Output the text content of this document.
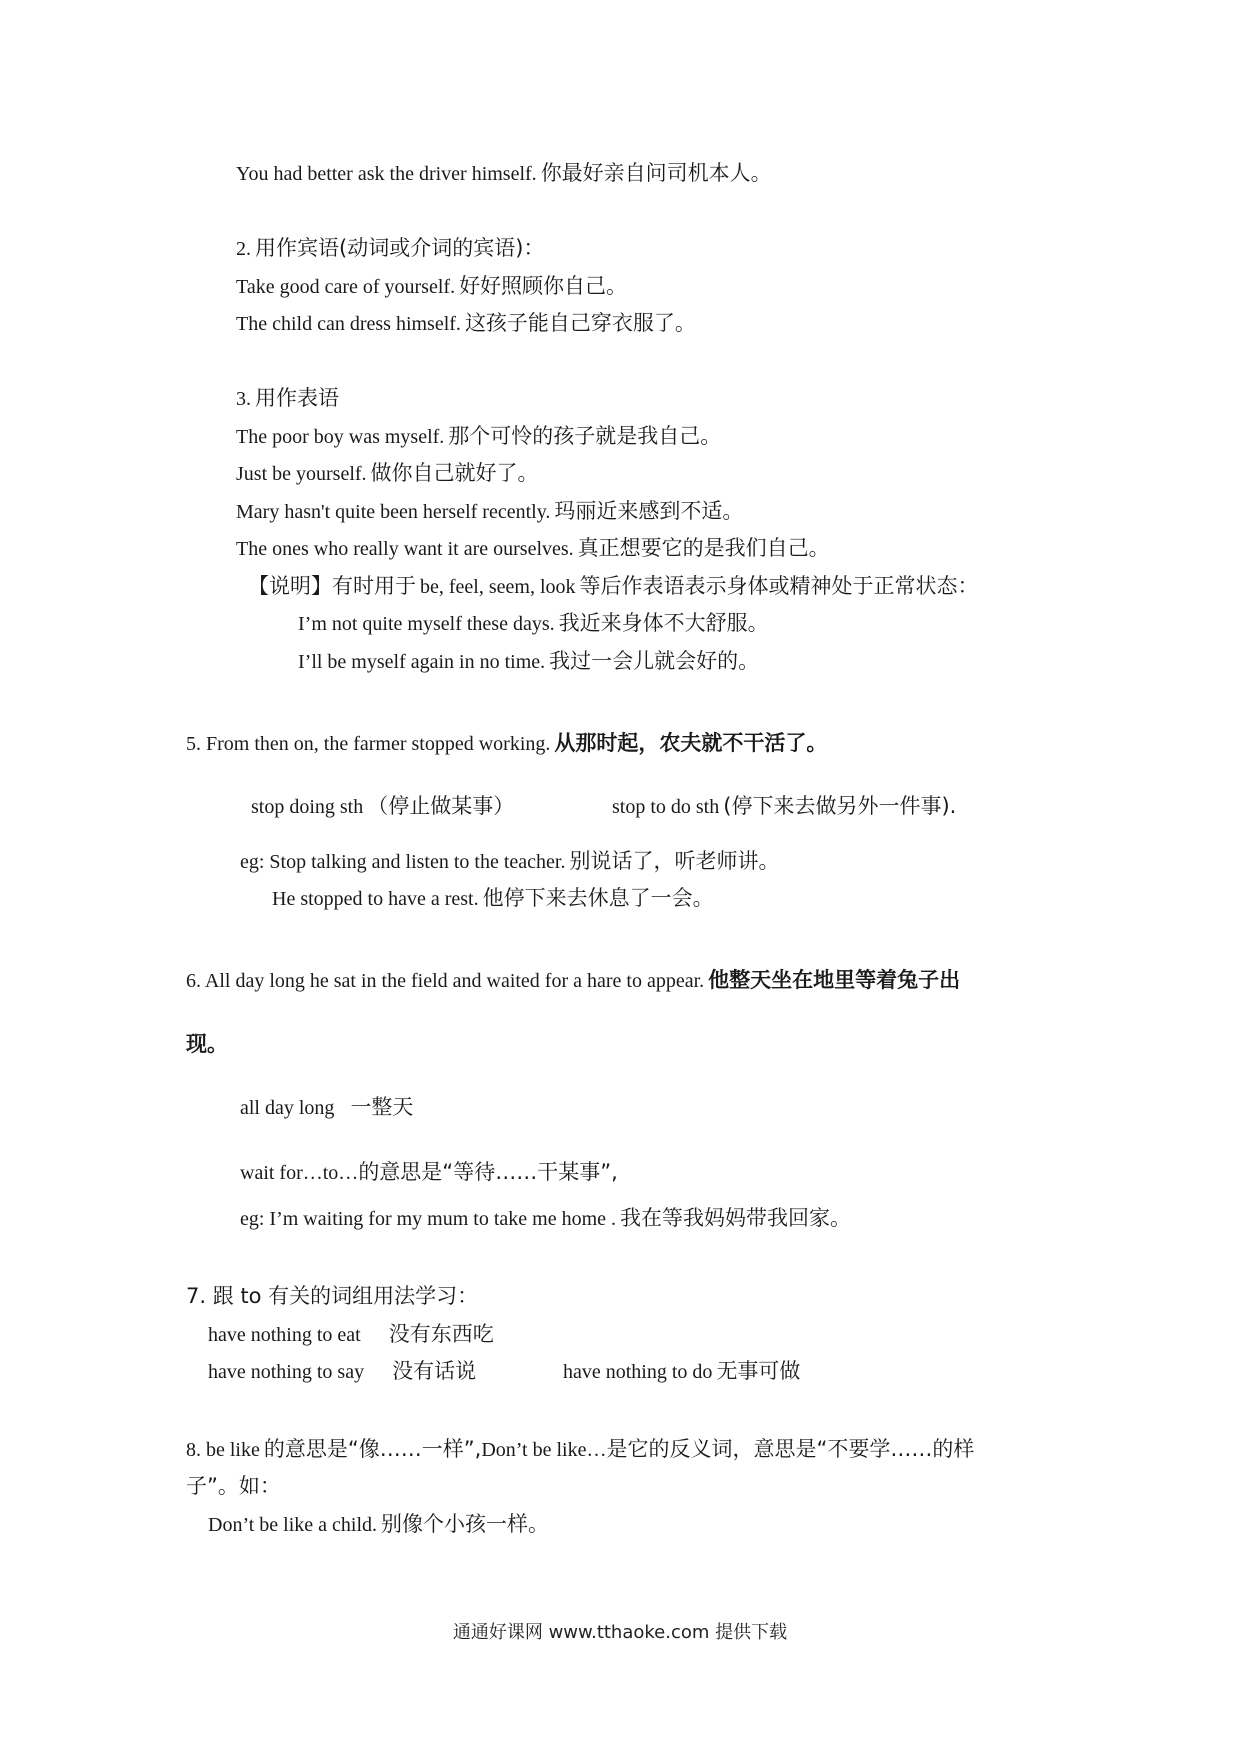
You had better ask the driver himself. 你最好亲自问司机本人。
2. 用作宾语(动词或介词的宾语)：
Take good care of yourself. 好好照顾你自己。
The child can dress himself. 这孩子能自己穿衣服了。
3. 用作表语
The poor boy was myself. 那个可怜的孩子就是我自己。
Just be yourself. 做你自己就好了。
Mary hasn't quite been herself recently. 玛丽近来感到不适。
The ones who really want it are ourselves. 真正想要它的是我们自己。
【说明】有时用于 be, feel, seem, look 等后作表语表示身体或精神处于正常状态：
I’m not quite myself these days. 我近来身体不大舒服。
I’ll be myself again in no time. 我过一会儿就会好的。
5. From then on, the farmer stopped working. 从那时起，农夫就不干活了。
stop doing sth （停止做某事）	stop to do sth (停下来去做另外一件事).
eg: Stop talking and listen to the teacher. 别说话了，听老师讲。
He stopped to have a rest. 他停下来去休息了一会。
6. All day long he sat in the field and waited for a hare to appear. 他整天坐在地里等着兔子出
现。
all day long 一整天
wait for…to…的意思是“等待……干某事”,
eg: I’m waiting for my mum to take me home . 我在等我妈妈带我回家。
7. 跟 to 有关的词组用法学习：
have nothing to eat 没有东西吃
have nothing to say 没有话说	have nothing to do 无事可做
8. be like 的意思是“像……一样”,Don’t be like…是它的反义词，意思是“不要学……的样
子”。如：
Don’t be like a child. 别像个小孩一样。
通通好课网 www.tthaoke.com 提供下载
